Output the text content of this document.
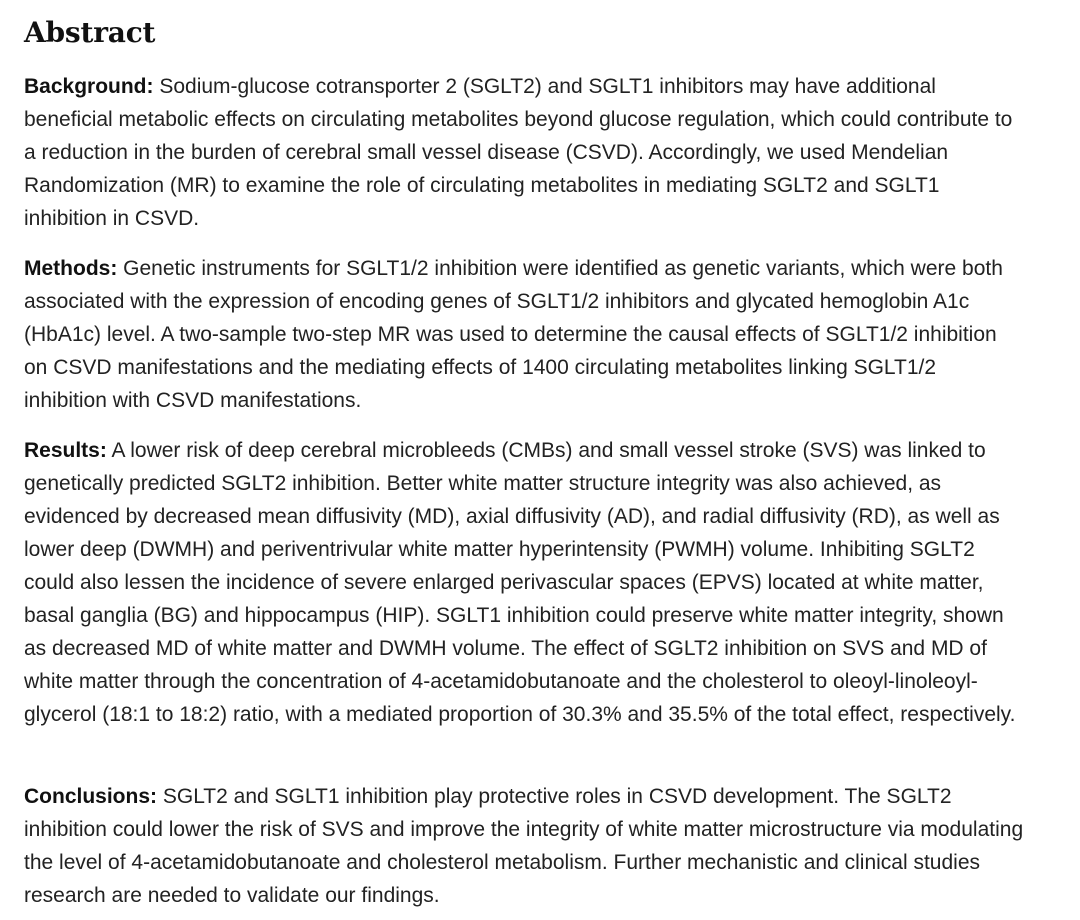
Abstract

Background: Sodium-glucose cotransporter 2 (SGLT2) and SGLT1 inhibitors may have additional beneficial metabolic effects on circulating metabolites beyond glucose regulation, which could contribute to a reduction in the burden of cerebral small vessel disease (CSVD). Accordingly, we used Mendelian Randomization (MR) to examine the role of circulating metabolites in mediating SGLT2 and SGLT1 inhibition in CSVD.

Methods: Genetic instruments for SGLT1/2 inhibition were identified as genetic variants, which were both associated with the expression of encoding genes of SGLT1/2 inhibitors and glycated hemoglobin A1c (HbA1c) level. A two-sample two-step MR was used to determine the causal effects of SGLT1/2 inhibition on CSVD manifestations and the mediating effects of 1400 circulating metabolites linking SGLT1/2 inhibition with CSVD manifestations.

Results: A lower risk of deep cerebral microbleeds (CMBs) and small vessel stroke (SVS) was linked to genetically predicted SGLT2 inhibition. Better white matter structure integrity was also achieved, as evidenced by decreased mean diffusivity (MD), axial diffusivity (AD), and radial diffusivity (RD), as well as lower deep (DWMH) and periventrivular white matter hyperintensity (PWMH) volume. Inhibiting SGLT2 could also lessen the incidence of severe enlarged perivascular spaces (EPVS) located at white matter, basal ganglia (BG) and hippocampus (HIP). SGLT1 inhibition could preserve white matter integrity, shown as decreased MD of white matter and DWMH volume. The effect of SGLT2 inhibition on SVS and MD of white matter through the concentration of 4-acetamidobutanoate and the cholesterol to oleoyl-linoleoyl-glycerol (18:1 to 18:2) ratio, with a mediated proportion of 30.3% and 35.5% of the total effect, respectively.

Conclusions: SGLT2 and SGLT1 inhibition play protective roles in CSVD development. The SGLT2 inhibition could lower the risk of SVS and improve the integrity of white matter microstructure via modulating the level of 4-acetamidobutanoate and cholesterol metabolism. Further mechanistic and clinical studies research are needed to validate our findings.
